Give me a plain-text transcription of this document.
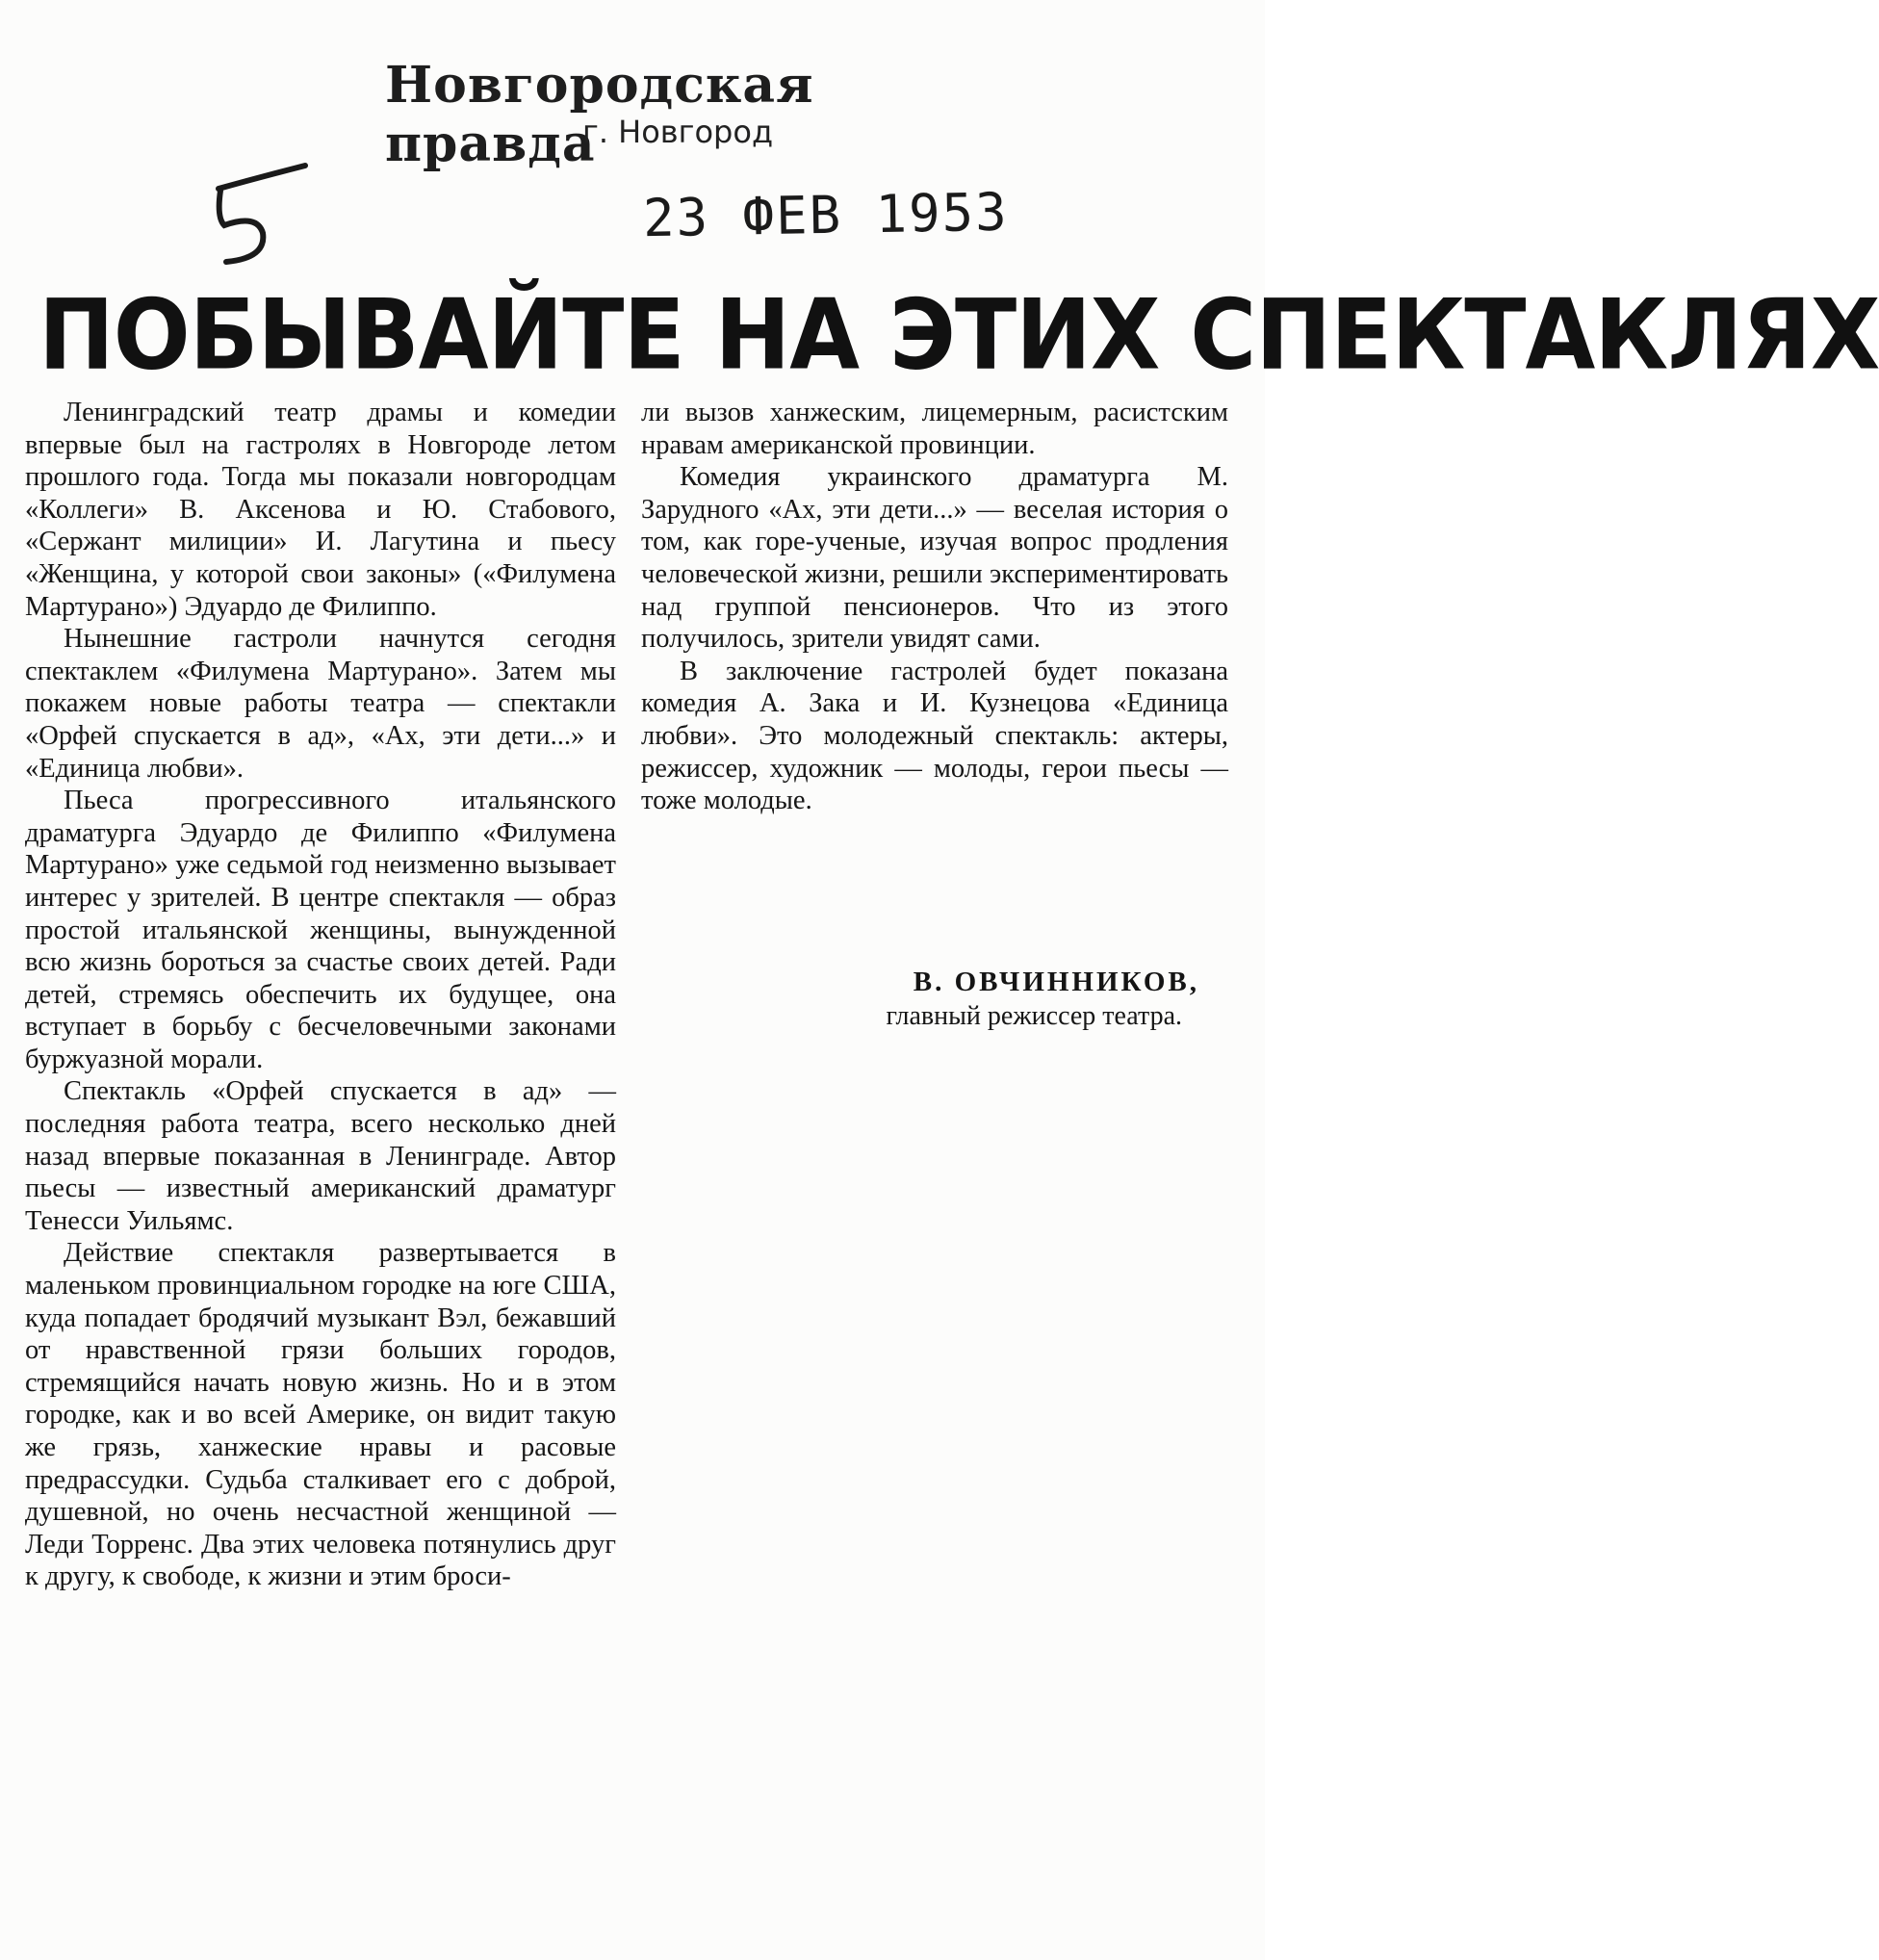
Новгородская правда
г. Новгород
23 ФЕВ 1953
ПОБЫВАЙТЕ НА ЭТИХ СПЕКТАКЛЯХ

Ленинградский театр драмы и комедии впервые был на гастролях в Новгороде летом прошлого года. Тогда мы показали новгородцам «Коллеги» В. Аксенова и Ю. Стабового, «Сержант милиции» И. Лагутина и пьесу «Женщина, у которой свои законы» («Филумена Мартурано») Эдуардо де Филиппо.

Нынешние гастроли начнутся сегодня спектаклем «Филумена Мартурано». Затем мы покажем новые работы театра — спектакли «Орфей спускается в ад», «Ах, эти дети...» и «Единица любви».

Пьеса прогрессивного итальянского драматурга Эдуардо де Филиппо «Филумена Мартурано» уже седьмой год неизменно вызывает интерес у зрителей. В центре спектакля — образ простой итальянской женщины, вынужденной всю жизнь бороться за счастье своих детей. Ради детей, стремясь обеспечить их будущее, она вступает в борьбу с бесчеловечными законами буржуазной морали.

Спектакль «Орфей спускается в ад» — последняя работа театра, всего несколько дней назад впервые показанная в Ленинграде. Автор пьесы — известный американский драматург Тенесси Уильямс.

Действие спектакля развертывается в маленьком провинциальном городке на юге США, куда попадает бродячий музыкант Вэл, бежавший от нравственной грязи больших городов, стремящийся начать новую жизнь. Но и в этом городке, как и во всей Америке, он видит такую же грязь, ханжеские нравы и расовые предрассудки. Судьба сталкивает его с доброй, душевной, но очень несчастной женщиной — Леди Торренс. Два этих человека потянулись друг к другу, к свободе, к жизни и этим броси-

ли вызов ханжеским, лицемерным, расистским нравам американской провинции.

Комедия украинского драматурга М. Зарудного «Ах, эти дети...» — веселая история о том, как горе-ученые, изучая вопрос продления человеческой жизни, решили экспериментировать над группой пенсионеров. Что из этого получилось, зрители увидят сами.

В заключение гастролей будет показана комедия А. Зака и И. Кузнецова «Единица любви». Это молодежный спектакль: актеры, режиссер, художник — молоды, герои пьесы — тоже молодые.

В. ОВЧИННИКОВ,
главный режиссер театра.
